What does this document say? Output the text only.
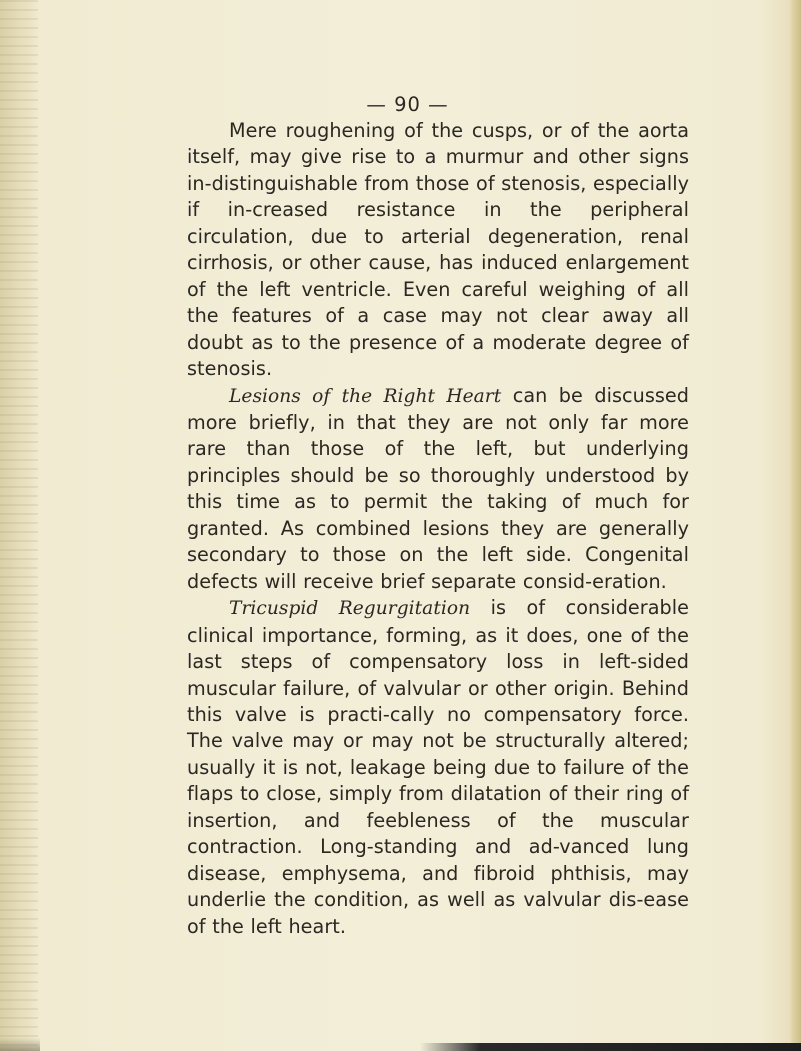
— 90 —

Mere roughening of the cusps, or of the aorta itself, may give rise to a murmur and other signs in-distinguishable from those of stenosis, especially if in-creased resistance in the peripheral circulation, due to arterial degeneration, renal cirrhosis, or other cause, has induced enlargement of the left ventricle. Even careful weighing of all the features of a case may not clear away all doubt as to the presence of a moderate degree of stenosis.

Lesions of the Right Heart can be discussed more briefly, in that they are not only far more rare than those of the left, but underlying principles should be so thoroughly understood by this time as to permit the taking of much for granted. As combined lesions they are generally secondary to those on the left side. Congenital defects will receive brief separate consid-eration.

Tricuspid Regurgitation is of considerable clinical importance, forming, as it does, one of the last steps of compensatory loss in left-sided muscular failure, of valvular or other origin. Behind this valve is practi-cally no compensatory force. The valve may or may not be structurally altered; usually it is not, leakage being due to failure of the flaps to close, simply from dilatation of their ring of insertion, and feebleness of the muscular contraction. Long-standing and ad-vanced lung disease, emphysema, and fibroid phthisis, may underlie the condition, as well as valvular dis-ease of the left heart.
